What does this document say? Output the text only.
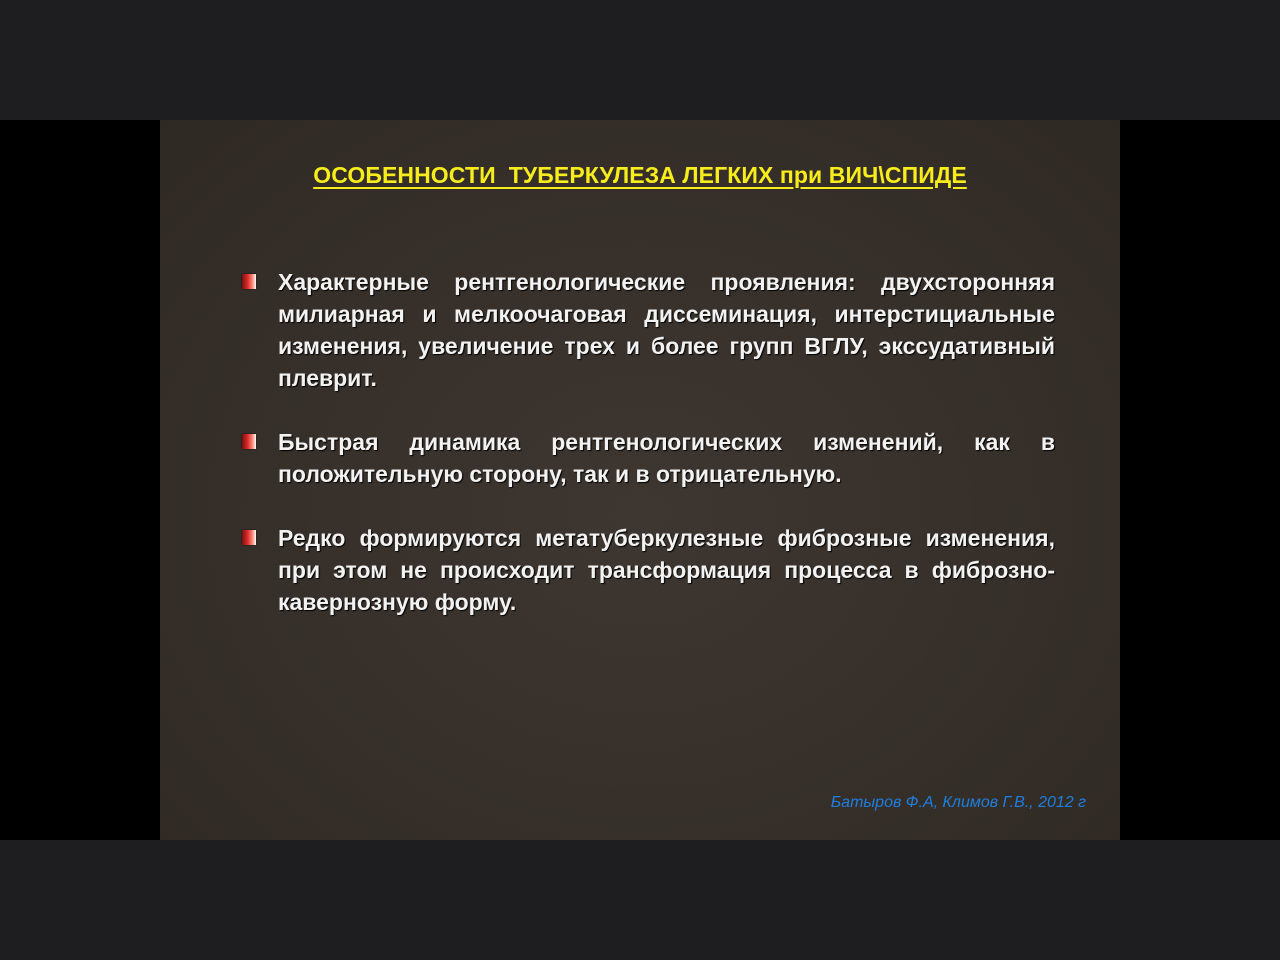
ОСОБЕННОСТИ  ТУБЕРКУЛЕЗА ЛЕГКИХ при ВИЧ\СПИДЕ
Характерные рентгенологические проявления: двухсторонняя милиарная и мелкоочаговая диссеминация, интерстициальные изменения, увеличение трех и более групп ВГЛУ, экссудативный плеврит.
Быстрая динамика рентгенологических изменений, как в положительную сторону, так и в отрицательную.
Редко формируются метатуберкулезные фиброзные изменения, при этом не происходит трансформация процесса в фиброзно-кавернозную форму.
Батыров Ф.А, Климов Г.В., 2012 г
